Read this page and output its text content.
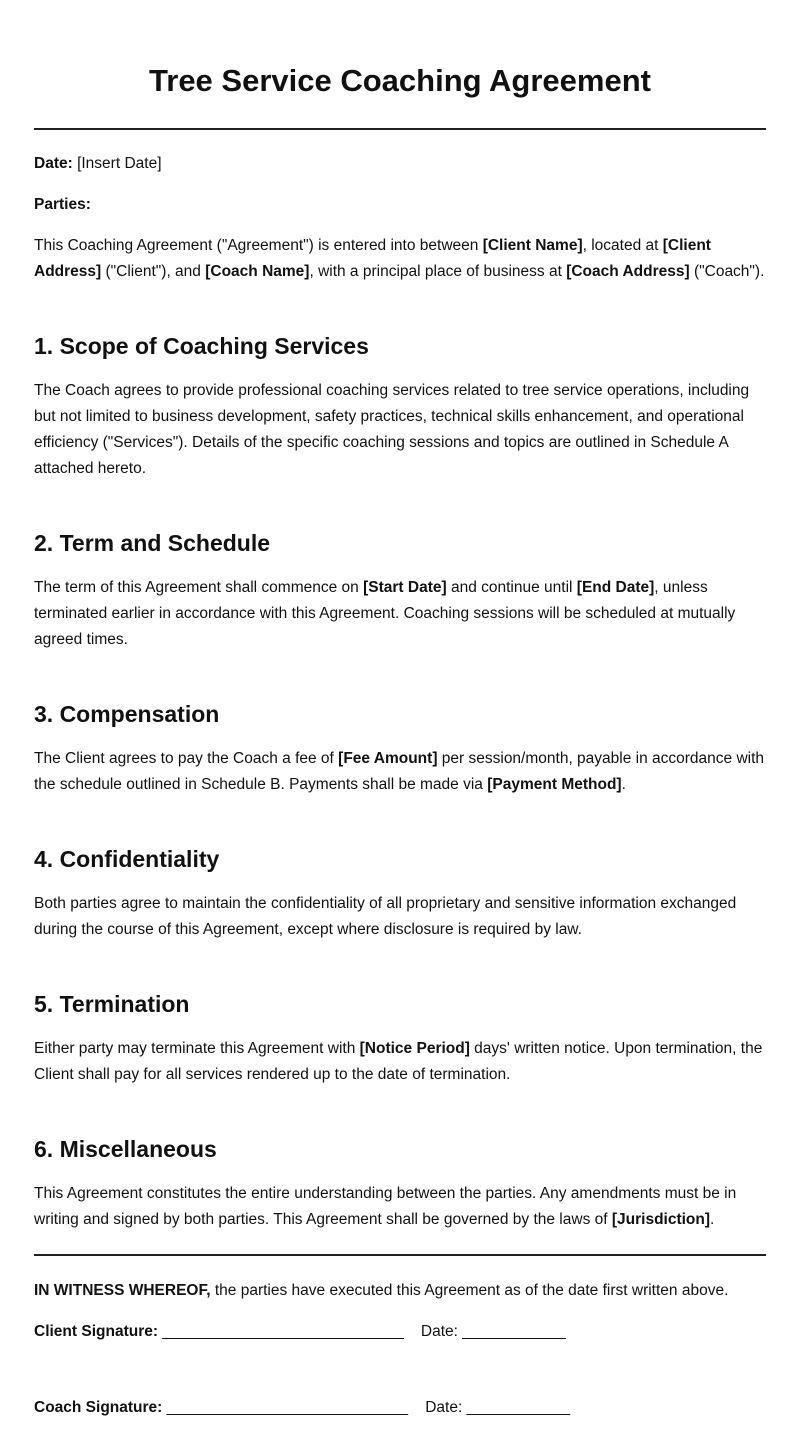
Tree Service Coaching Agreement

Date: [Insert Date]

Parties:

This Coaching Agreement ("Agreement") is entered into between [Client Name], located at [Client Address] ("Client"), and [Coach Name], with a principal place of business at [Coach Address] ("Coach").

1. Scope of Coaching Services

The Coach agrees to provide professional coaching services related to tree service operations, including but not limited to business development, safety practices, technical skills enhancement, and operational efficiency ("Services"). Details of the specific coaching sessions and topics are outlined in Schedule A attached hereto.

2. Term and Schedule

The term of this Agreement shall commence on [Start Date] and continue until [End Date], unless terminated earlier in accordance with this Agreement. Coaching sessions will be scheduled at mutually agreed times.

3. Compensation

The Client agrees to pay the Coach a fee of [Fee Amount] per session/month, payable in accordance with the schedule outlined in Schedule B. Payments shall be made via [Payment Method].

4. Confidentiality

Both parties agree to maintain the confidentiality of all proprietary and sensitive information exchanged during the course of this Agreement, except where disclosure is required by law.

5. Termination

Either party may terminate this Agreement with [Notice Period] days' written notice. Upon termination, the Client shall pay for all services rendered up to the date of termination.

6. Miscellaneous

This Agreement constitutes the entire understanding between the parties. Any amendments must be in writing and signed by both parties. This Agreement shall be governed by the laws of [Jurisdiction].

IN WITNESS WHEREOF, the parties have executed this Agreement as of the date first written above.

Client Signature: ____________________________    Date: ____________

Coach Signature: ____________________________    Date: ____________
